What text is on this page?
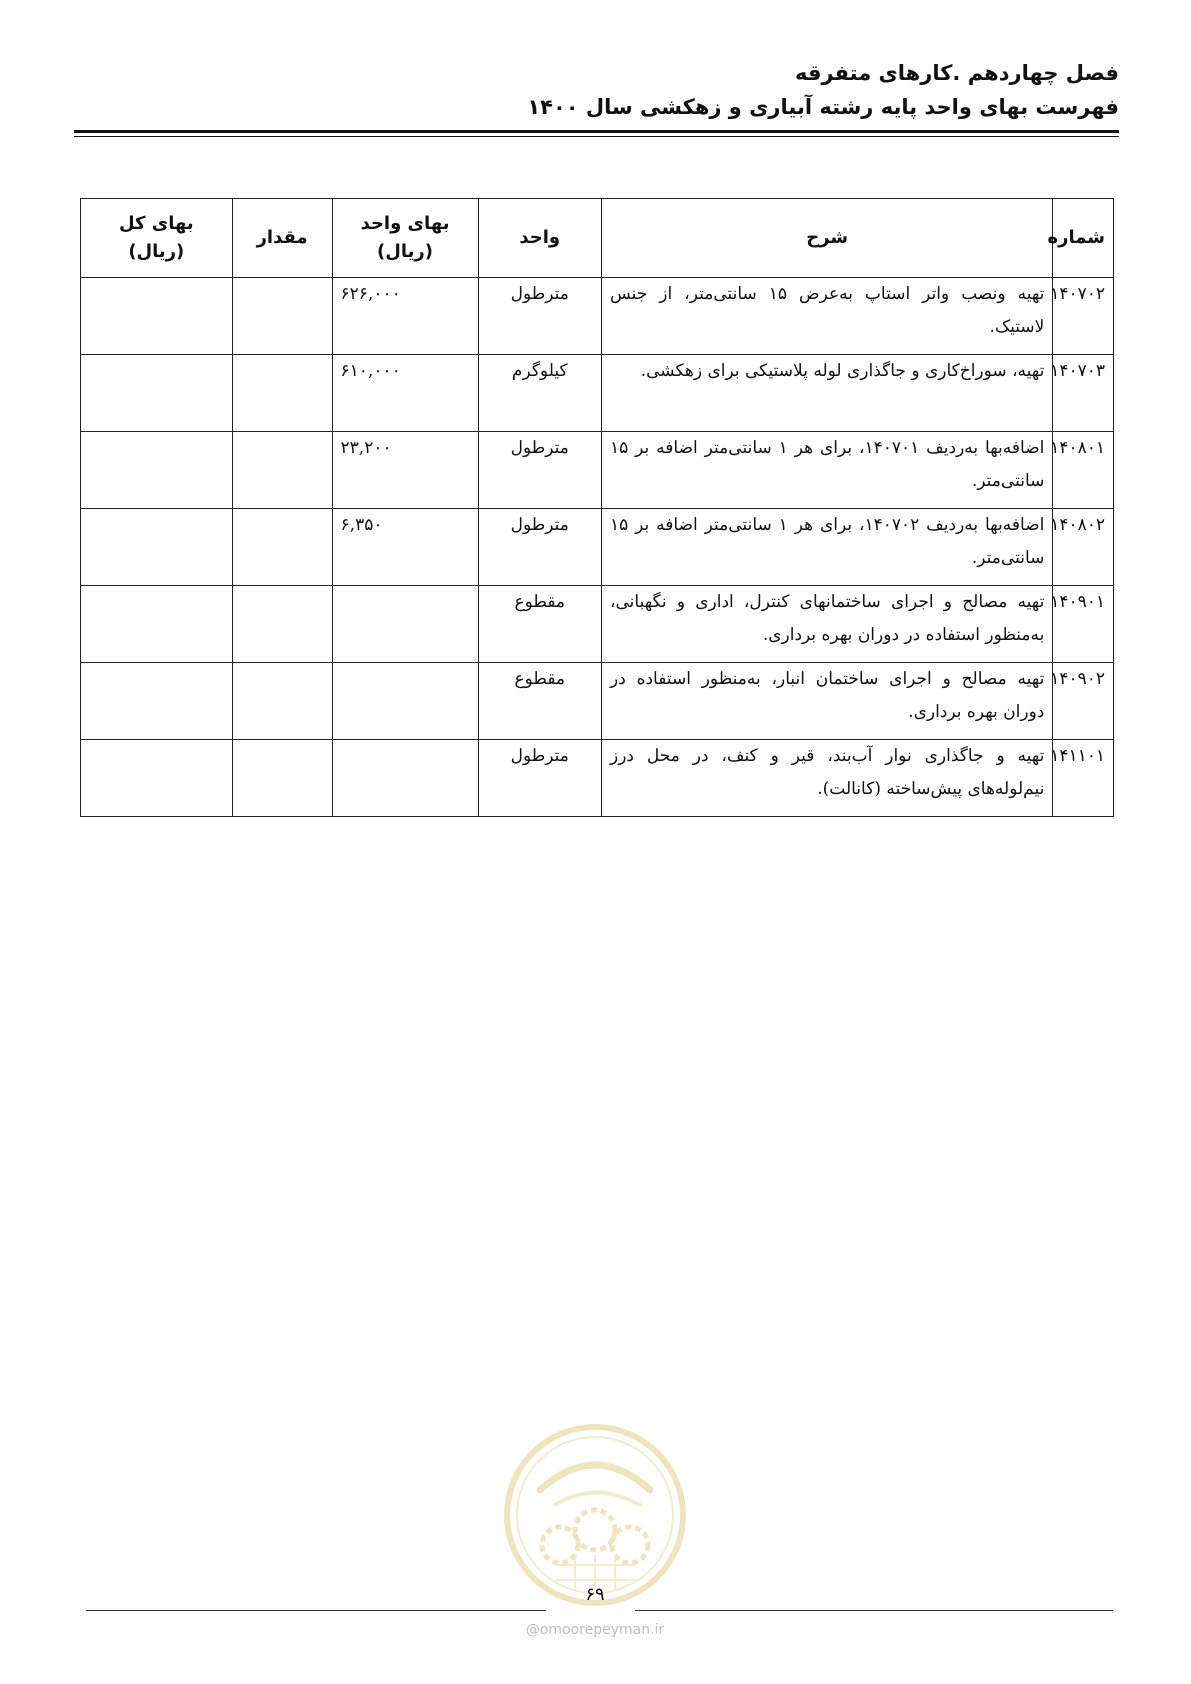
فصل چهاردهم .کارهای متفرقه
فهرست بهای واحد پایه رشته آبیاری و زهکشی سال ۱۴۰۰
شماره	شرح	واحد	بهای واحد (ریال)	مقدار	بهای کل (ریال)
۱۴۰۷۰۲	تهیه ونصب واتر استاپ به‌عرض ۱۵ سانتی‌متر، از جنس لاستیک.	مترطول	۶۲۶,۰۰۰		
۱۴۰۷۰۳	تهیه، سوراخ‌کاری و جاگذاری لوله پلاستیکی برای زهکشی.	کیلوگرم	۶۱۰,۰۰۰		
۱۴۰۸۰۱	اضافه‌بها به‌ردیف ۱۴۰۷۰۱، برای هر ۱ سانتی‌متر اضافه بر ۱۵ سانتی‌متر.	مترطول	۲۳,۲۰۰		
۱۴۰۸۰۲	اضافه‌بها به‌ردیف ۱۴۰۷۰۲، برای هر ۱ سانتی‌متر اضافه بر ۱۵ سانتی‌متر.	مترطول	۶,۳۵۰		
۱۴۰۹۰۱	تهیه مصالح و اجرای ساختمانهای کنترل، اداری و نگهبانی، به‌منظور استفاده در دوران بهره برداری.	مقطوع			
۱۴۰۹۰۲	تهیه مصالح و اجرای ساختمان انبار، به‌منظور استفاده در دوران بهره برداری.	مقطوع			
۱۴۱۱۰۱	تهیه و جاگذاری نوار آب‌بند، قیر و کنف، در محل درز نیم‌لوله‌های پیش‌ساخته (کانالت).	مترطول			
۶۹
@omoorepeyman.ir
